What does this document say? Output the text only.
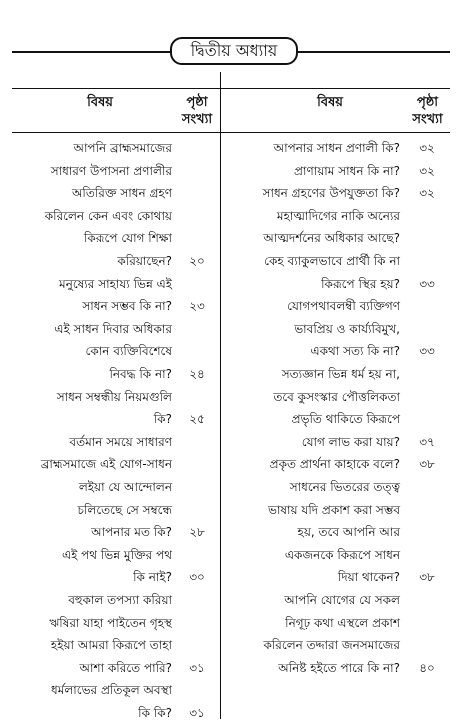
দ্বিতীয় অধ্যায়
বিষয়	পৃষ্ঠা
সংখ্যা
বিষয়	পৃষ্ঠা
সংখ্যা
আপনি ব্রাহ্মসমাজের
সাধারণ উপাসনা প্রণালীর
অতিরিক্ত সাধন গ্রহণ
করিলেন কেন এবং কোথায়
কিরূপে যোগ শিক্ষা
করিয়াছেন?	২০
মনুষ্যের সাহায্য ভিন্ন এই
সাধন সম্ভব কি না?	২৩
এই সাধন দিবার অধিকার
কোন ব্যক্তিবিশেষে
নিবদ্ধ কি না?	২৪
সাধন সম্বন্ধীয় নিয়মগুলি
কি?	২৫
বর্তমান সময়ে সাধারণ
ব্রাহ্মসমাজে এই যোগ-সাধন
লইয়া যে আন্দোলন
চলিতেছে সে সম্বন্ধে
আপনার মত কি?	২৮
এই পথ ভিন্ন মুক্তির পথ
কি নাই?	৩০
বহুকাল তপস্যা করিয়া
ঋষিরা যাহা পাইতেন গৃহস্থ
হইয়া আমরা কিরূপে তাহা
আশা করিতে পারি?	৩১
ধর্মলাভের প্রতিকূল অবস্থা
কি কি?	৩১
আপনার সাধন প্রণালী কি?	৩২
প্রাণায়াম সাধন কি না?	৩২
সাধন গ্রহণের উপযুক্ততা কি?	৩২
মহাত্মাদিগের নাকি অন্যের
আত্মদর্শনের অধিকার আছে?
কেহ ব্যাকুলভাবে প্রার্থী কি না
কিরূপে স্থির হয়?	৩৩
যোগপথাবলম্বী ব্যক্তিগণ
ভাবপ্রিয় ও কার্য্যবিমুখ,
একথা সত্য কি না?	৩৩
সত্যজ্ঞান ভিন্ন ধর্ম হয় না,
তবে কুসংস্কার পৌত্তলিকতা
প্রভৃতি থাকিতে কিরূপে
যোগ লাভ করা যায়?	৩৭
প্রকৃত প্রার্থনা কাহাকে বলে?	৩৮
সাধনের ভিতরের তত্ত্ব
ভাষায় যদি প্রকাশ করা সম্ভব
হয়, তবে আপনি আর
একজনকে কিরূপে সাধন
দিয়া থাকেন?	৩৮
আপনি যোগের যে সকল
নিগূঢ় কথা এস্থলে প্রকাশ
করিলেন তদ্দারা জনসমাজের
অনিষ্ট হইতে পারে কি না?	৪০
